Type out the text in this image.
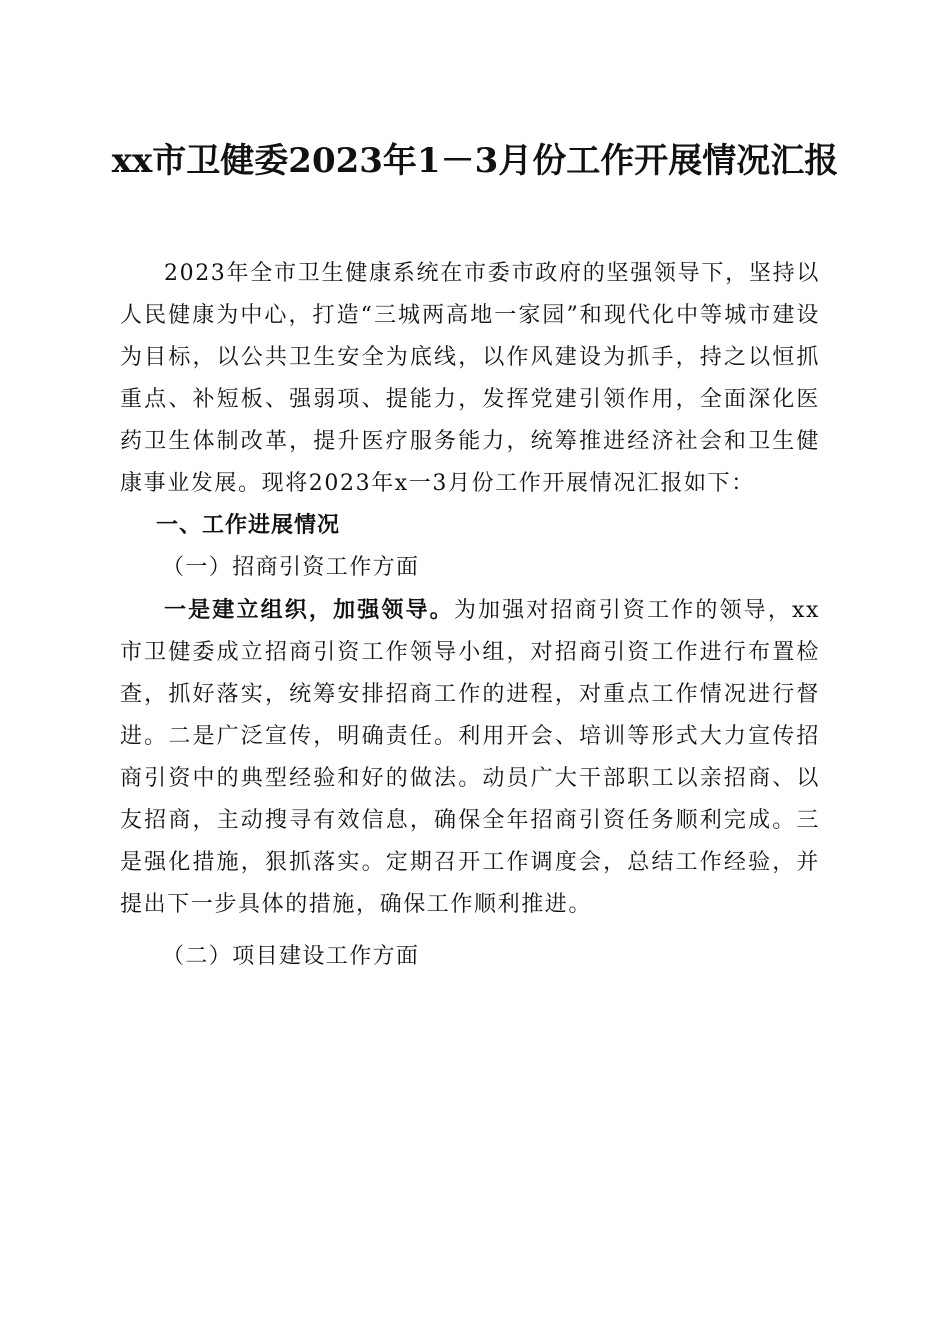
xx市卫健委2023年1－3月份工作开展情况汇报

2023年全市卫生健康系统在市委市政府的坚强领导下，坚持以人民健康为中心，打造“三城两高地一家园”和现代化中等城市建设为目标，以公共卫生安全为底线，以作风建设为抓手，持之以恒抓重点、补短板、强弱项、提能力，发挥党建引领作用，全面深化医药卫生体制改革，提升医疗服务能力，统筹推进经济社会和卫生健康事业发展。现将2023年x一3月份工作开展情况汇报如下：

一、工作进展情况

（一）招商引资工作方面

一是建立组织，加强领导。为加强对招商引资工作的领导，xx市卫健委成立招商引资工作领导小组，对招商引资工作进行布置检查，抓好落实，统筹安排招商工作的进程，对重点工作情况进行督进。二是广泛宣传，明确责任。利用开会、培训等形式大力宣传招商引资中的典型经验和好的做法。动员广大干部职工以亲招商、以友招商，主动搜寻有效信息，确保全年招商引资任务顺利完成。三是强化措施，狠抓落实。定期召开工作调度会，总结工作经验，并提出下一步具体的措施，确保工作顺利推进。

（二）项目建设工作方面
